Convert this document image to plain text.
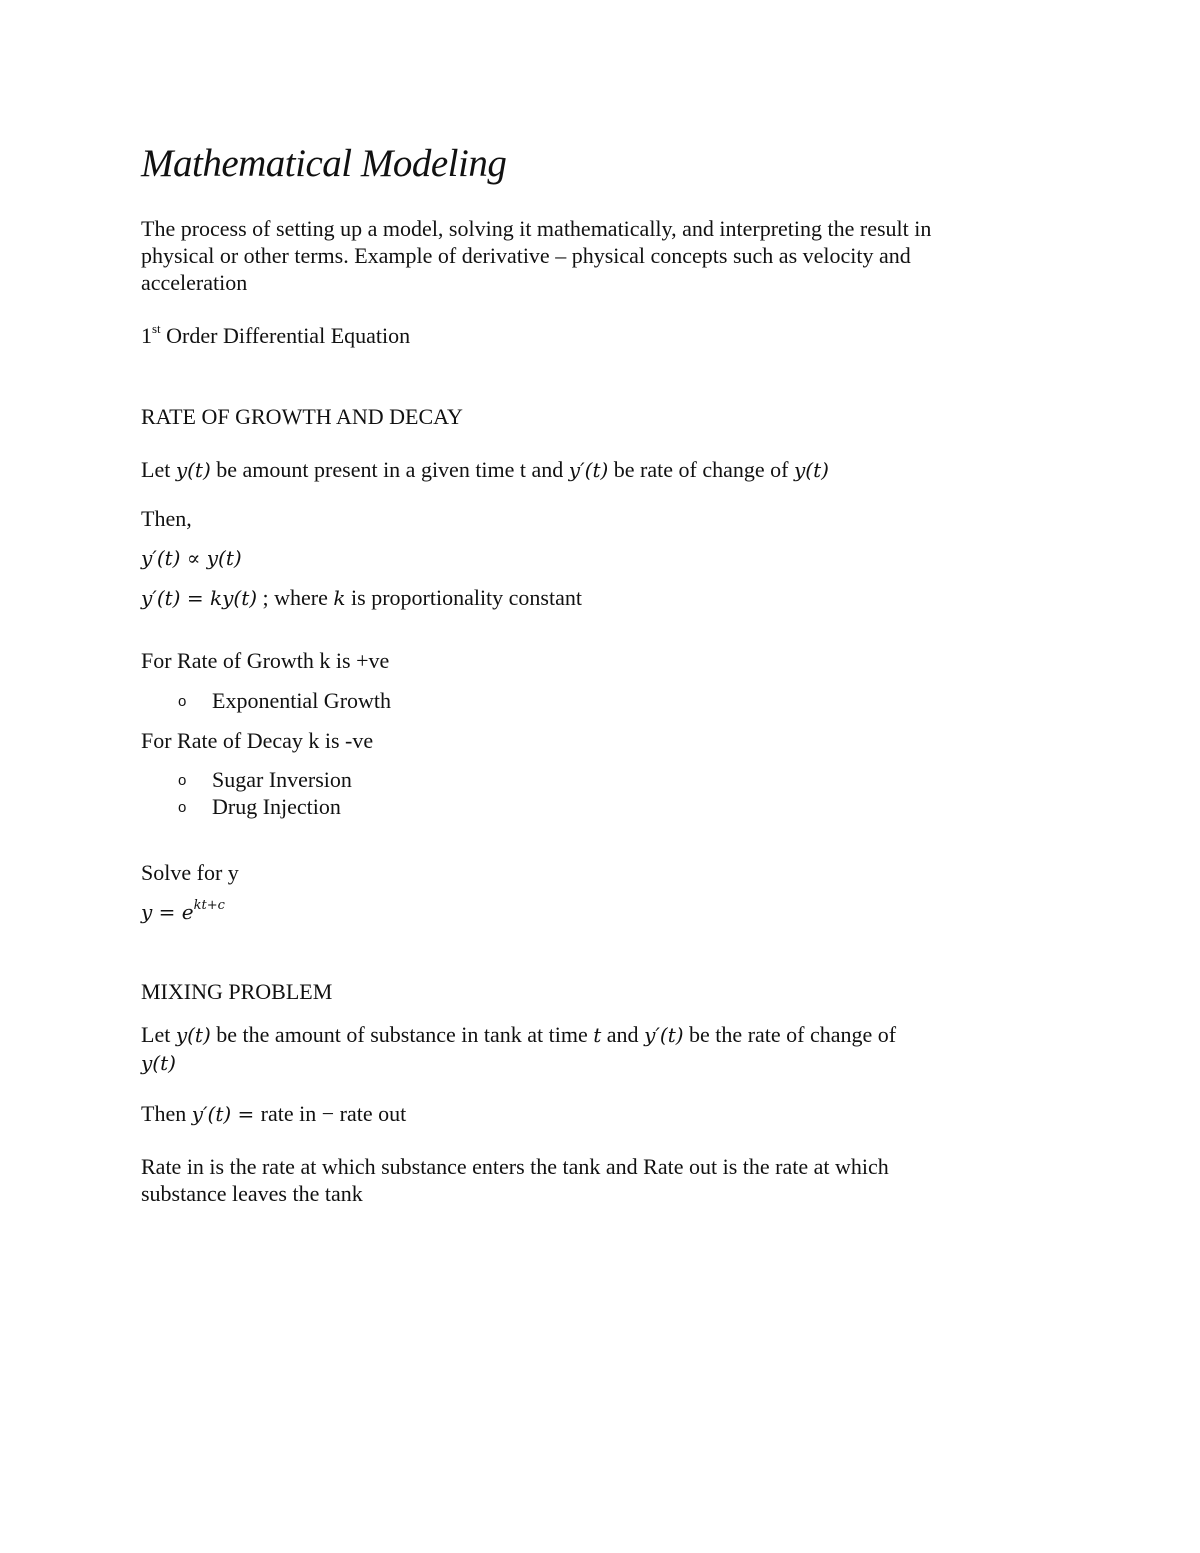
Mathematical Modeling
The process of setting up a model, solving it mathematically, and interpreting the result in
physical or other terms. Example of derivative – physical concepts such as velocity and
acceleration
1st Order Differential Equation
RATE OF GROWTH AND DECAY
Let y(t) be amount present in a given time t and y′(t) be rate of change of y(t)
Then,
y′(t) ∝ y(t)
y′(t) = ky(t) ; where k is proportionality constant
For Rate of Growth k is +ve
o Exponential Growth
For Rate of Decay k is -ve
o Sugar Inversion
o Drug Injection
Solve for y
$y = e^{kt+c}$
MIXING PROBLEM
Let y(t) be the amount of substance in tank at time t and y′(t) be the rate of change of
y(t)
Then y′(t) = rate in − rate out
Rate in is the rate at which substance enters the tank and Rate out is the rate at which
substance leaves the tank
